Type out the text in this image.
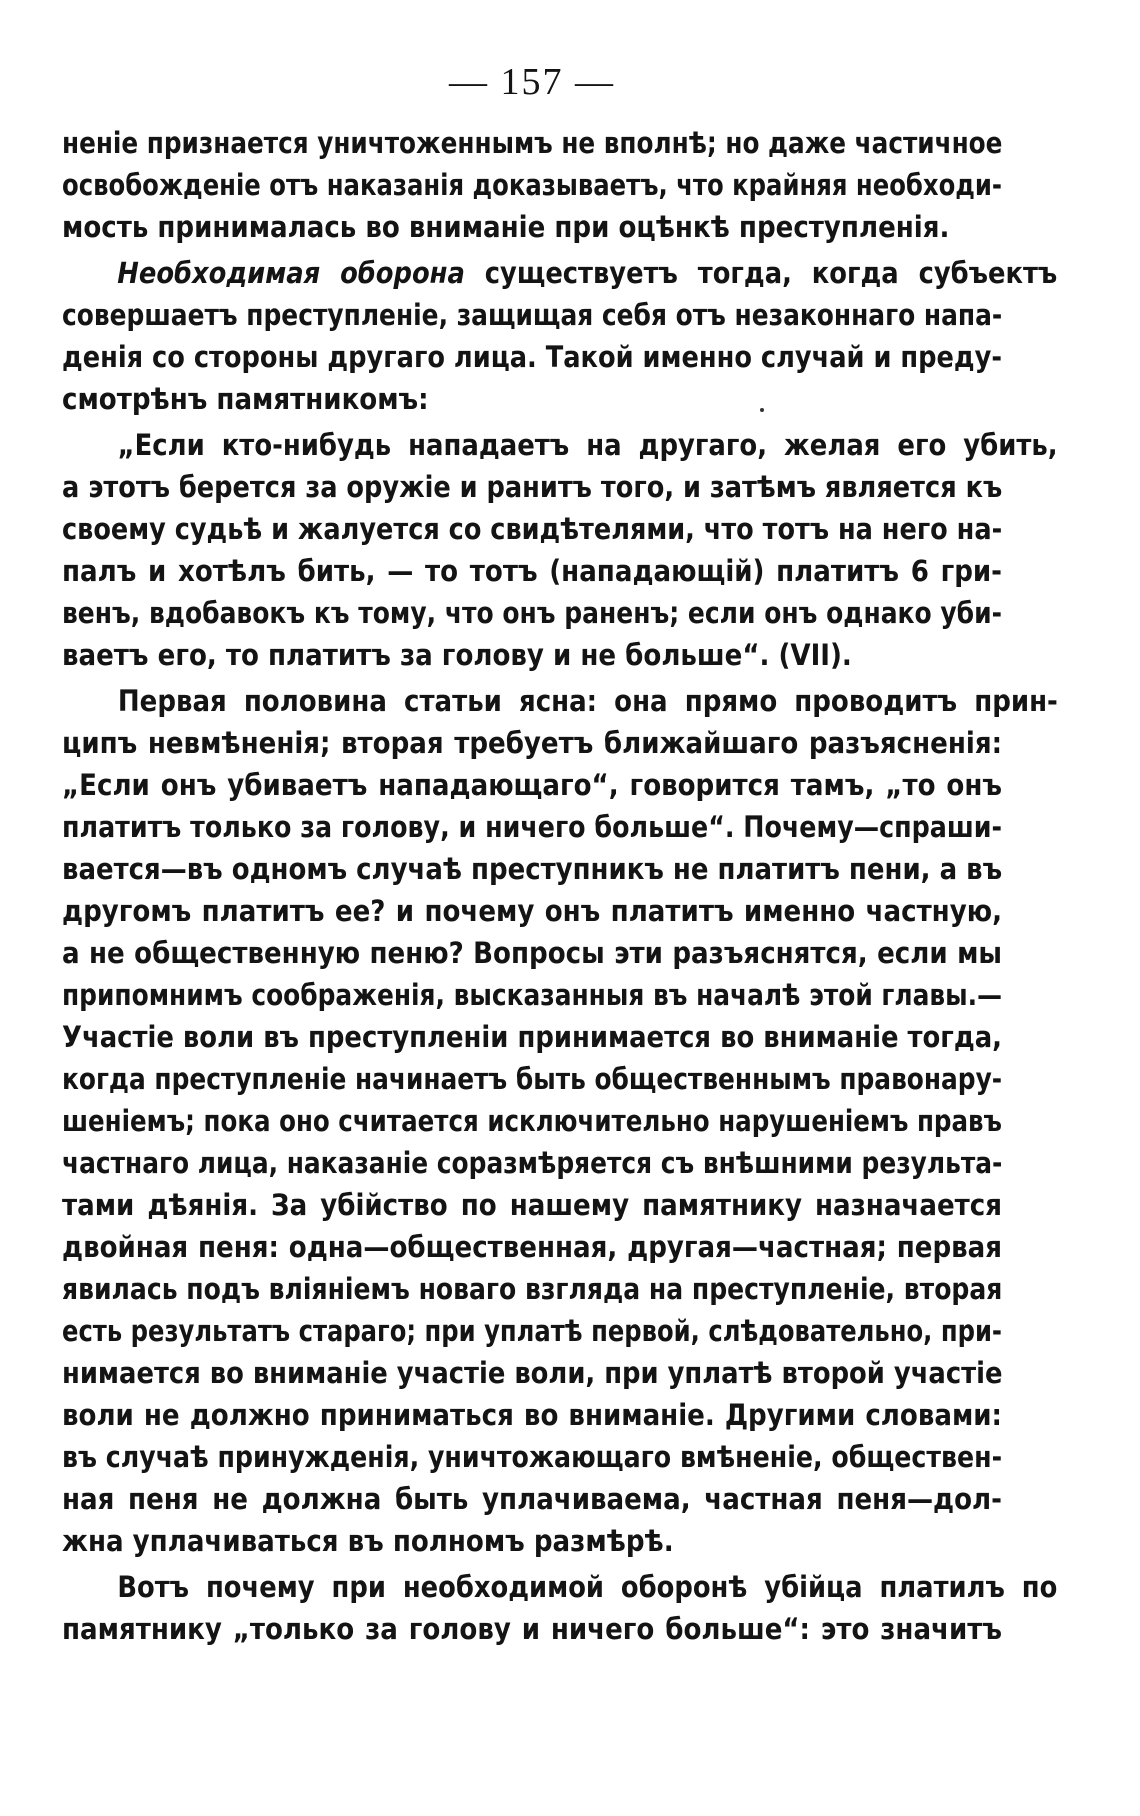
— 157 —
неніе признается уничтоженнымъ не вполнѣ; но даже частичное
освобожденіе отъ наказанія доказываетъ, что крайняя необходи-
мость принималась во вниманіе при оцѣнкѣ преступленія.
Необходимая оборона существуетъ тогда, когда субъектъ
совершаетъ преступленіе, защищая себя отъ незаконнаго напа-
денія со стороны другаго лица. Такой именно случай и преду-
смотрѣнъ памятникомъ:
„Если кто-нибудь нападаетъ на другаго, желая его убить,
а этотъ берется за оружіе и ранитъ того, и затѣмъ является къ
своему судьѣ и жалуется со свидѣтелями, что тотъ на него на-
палъ и хотѣлъ бить, — то тотъ (нападающій) платитъ 6 гри-
венъ, вдобавокъ къ тому, что онъ раненъ; если онъ однако уби-
ваетъ его, то платитъ за голову и не больше“. (VII).
Первая половина статьи ясна: она прямо проводитъ прин-
ципъ невмѣненія; вторая требуетъ ближайшаго разъясненія:
„Если онъ убиваетъ нападающаго“, говорится тамъ, „то онъ
платитъ только за голову, и ничего больше“. Почему—спраши-
вается—въ одномъ случаѣ преступникъ не платитъ пени, а въ
другомъ платитъ ее? и почему онъ платитъ именно частную,
а не общественную пеню? Вопросы эти разъяснятся, если мы
припомнимъ соображенія, высказанныя въ началѣ этой главы.—
Участіе воли въ преступленіи принимается во вниманіе тогда,
когда преступленіе начинаетъ быть общественнымъ правонару-
шеніемъ; пока оно считается исключительно нарушеніемъ правъ
частнаго лица, наказаніе соразмѣряется съ внѣшними результа-
тами дѣянія. За убійство по нашему памятнику назначается
двойная пеня: одна—общественная, другая—частная; первая
явилась подъ вліяніемъ новаго взгляда на преступленіе, вторая
есть результатъ стараго; при уплатѣ первой, слѣдовательно, при-
нимается во вниманіе участіе воли, при уплатѣ второй участіе
воли не должно приниматься во вниманіе. Другими словами:
въ случаѣ принужденія, уничтожающаго вмѣненіе, обществен-
ная пеня не должна быть уплачиваема, частная пеня—дол-
жна уплачиваться въ полномъ размѣрѣ.
Вотъ почему при необходимой оборонѣ убійца платилъ по
памятнику „только за голову и ничего больше“: это значитъ
